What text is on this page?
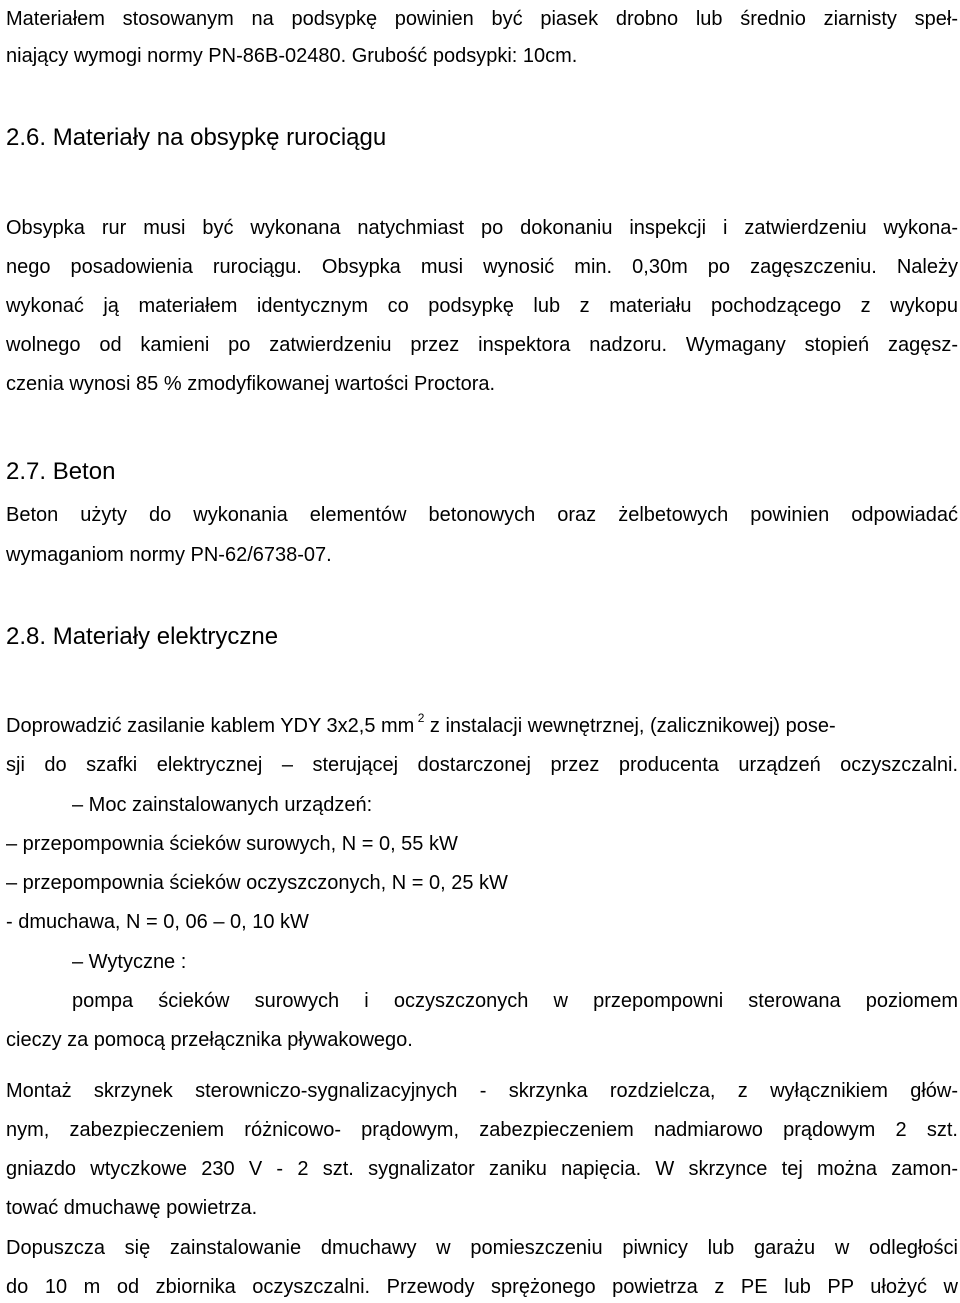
Materiałem stosowanym na podsypkę powinien być piasek drobno lub średnio ziarnisty speł-
niający wymogi normy PN-86B-02480. Grubość podsypki: 10cm.
2.6. Materiały na obsypkę rurociągu
Obsypka rur musi być wykonana natychmiast po dokonaniu inspekcji i zatwierdzeniu wykona-
nego posadowienia rurociągu. Obsypka musi wynosić min. 0,30m po zagęszczeniu. Należy
wykonać ją materiałem identycznym co podsypkę lub z materiału pochodzącego z wykopu
wolnego od kamieni po zatwierdzeniu przez inspektora nadzoru. Wymagany stopień zagęsz-
czenia wynosi 85 % zmodyfikowanej wartości Proctora.
2.7. Beton
Beton użyty do wykonania elementów betonowych oraz żelbetowych powinien odpowiadać
wymaganiom normy PN-62/6738-07.
2.8. Materiały elektryczne
Doprowadzić zasilanie kablem YDY 3x2,5 mm $^2$ z instalacji wewnętrznej, (zalicznikowej) pose-
sji do szafki elektrycznej – sterującej dostarczonej przez producenta urządzeń oczyszczalni.
– Moc zainstalowanych urządzeń:
– przepompownia ścieków surowych, N = 0, 55 kW
– przepompownia ścieków oczyszczonych, N = 0, 25 kW
- dmuchawa, N = 0, 06 – 0, 10 kW
– Wytyczne :
pompa ścieków surowych i oczyszczonych w przepompowni sterowana poziomem
cieczy za pomocą przełącznika pływakowego.
Montaż skrzynek sterowniczo-sygnalizacyjnych - skrzynka rozdzielcza, z wyłącznikiem głów-
nym, zabezpieczeniem różnicowo- prądowym, zabezpieczeniem nadmiarowo prądowym 2 szt.
gniazdo wtyczkowe 230 V - 2 szt. sygnalizator zaniku napięcia. W skrzynce tej można zamon-
tować dmuchawę powietrza.
Dopuszcza się zainstalowanie dmuchawy w pomieszczeniu piwnicy lub garażu w odległości
do 10 m od zbiornika oczyszczalni. Przewody sprężonego powietrza z PE lub PP ułożyć w
